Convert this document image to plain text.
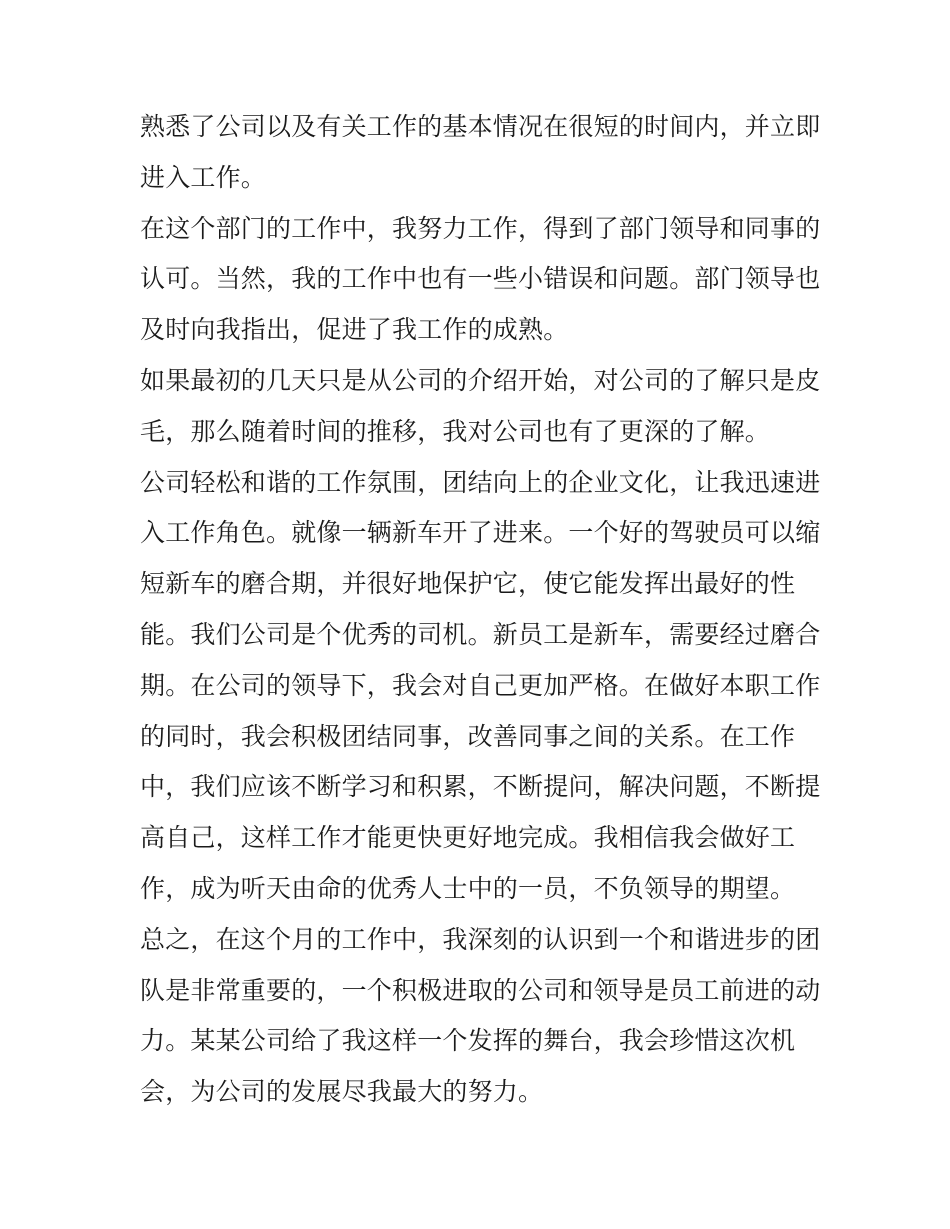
熟悉了公司以及有关工作的基本情况在很短的时间内，并立即
进入工作。
在这个部门的工作中，我努力工作，得到了部门领导和同事的
认可。当然，我的工作中也有一些小错误和问题。部门领导也
及时向我指出，促进了我工作的成熟。
如果最初的几天只是从公司的介绍开始，对公司的了解只是皮
毛，那么随着时间的推移，我对公司也有了更深的了解。
公司轻松和谐的工作氛围，团结向上的企业文化，让我迅速进
入工作角色。就像一辆新车开了进来。一个好的驾驶员可以缩
短新车的磨合期，并很好地保护它，使它能发挥出最好的性
能。我们公司是个优秀的司机。新员工是新车，需要经过磨合
期。在公司的领导下，我会对自己更加严格。在做好本职工作
的同时，我会积极团结同事，改善同事之间的关系。在工作
中，我们应该不断学习和积累，不断提问，解决问题，不断提
高自己，这样工作才能更快更好地完成。我相信我会做好工
作，成为听天由命的优秀人士中的一员，不负领导的期望。
总之，在这个月的工作中，我深刻的认识到一个和谐进步的团
队是非常重要的，一个积极进取的公司和领导是员工前进的动
力。某某公司给了我这样一个发挥的舞台，我会珍惜这次机
会，为公司的发展尽我最大的努力。
